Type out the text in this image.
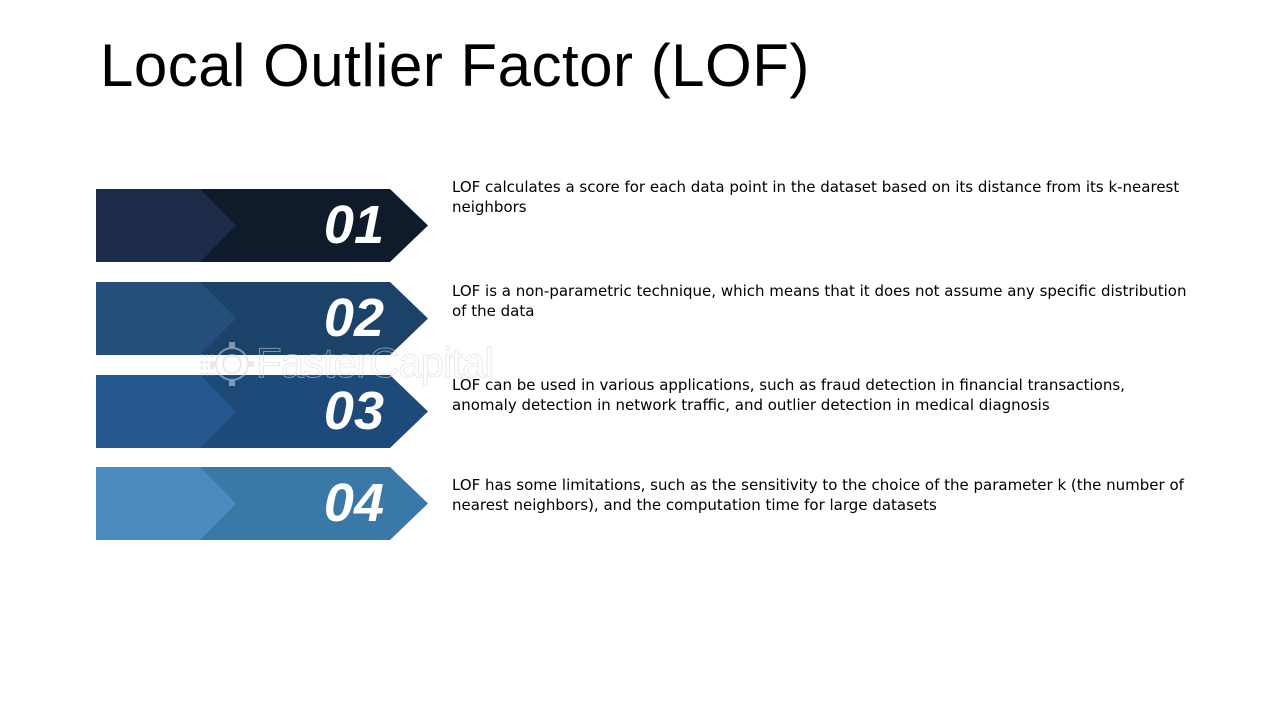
Local Outlier Factor (LOF)
01
LOF calculates a score for each data point in the dataset based on its distance from its k-nearest neighbors
02	LOF is a non-parametric technique, which means that it does not assume any specific distribution of the data
03	LOF can be used in various applications, such as fraud detection in financial transactions, anomaly detection in network traffic, and outlier detection in medical diagnosis
04	LOF has some limitations, such as the sensitivity to the choice of the parameter k (the number of nearest neighbors), and the computation time for large datasets
FasterCapital
